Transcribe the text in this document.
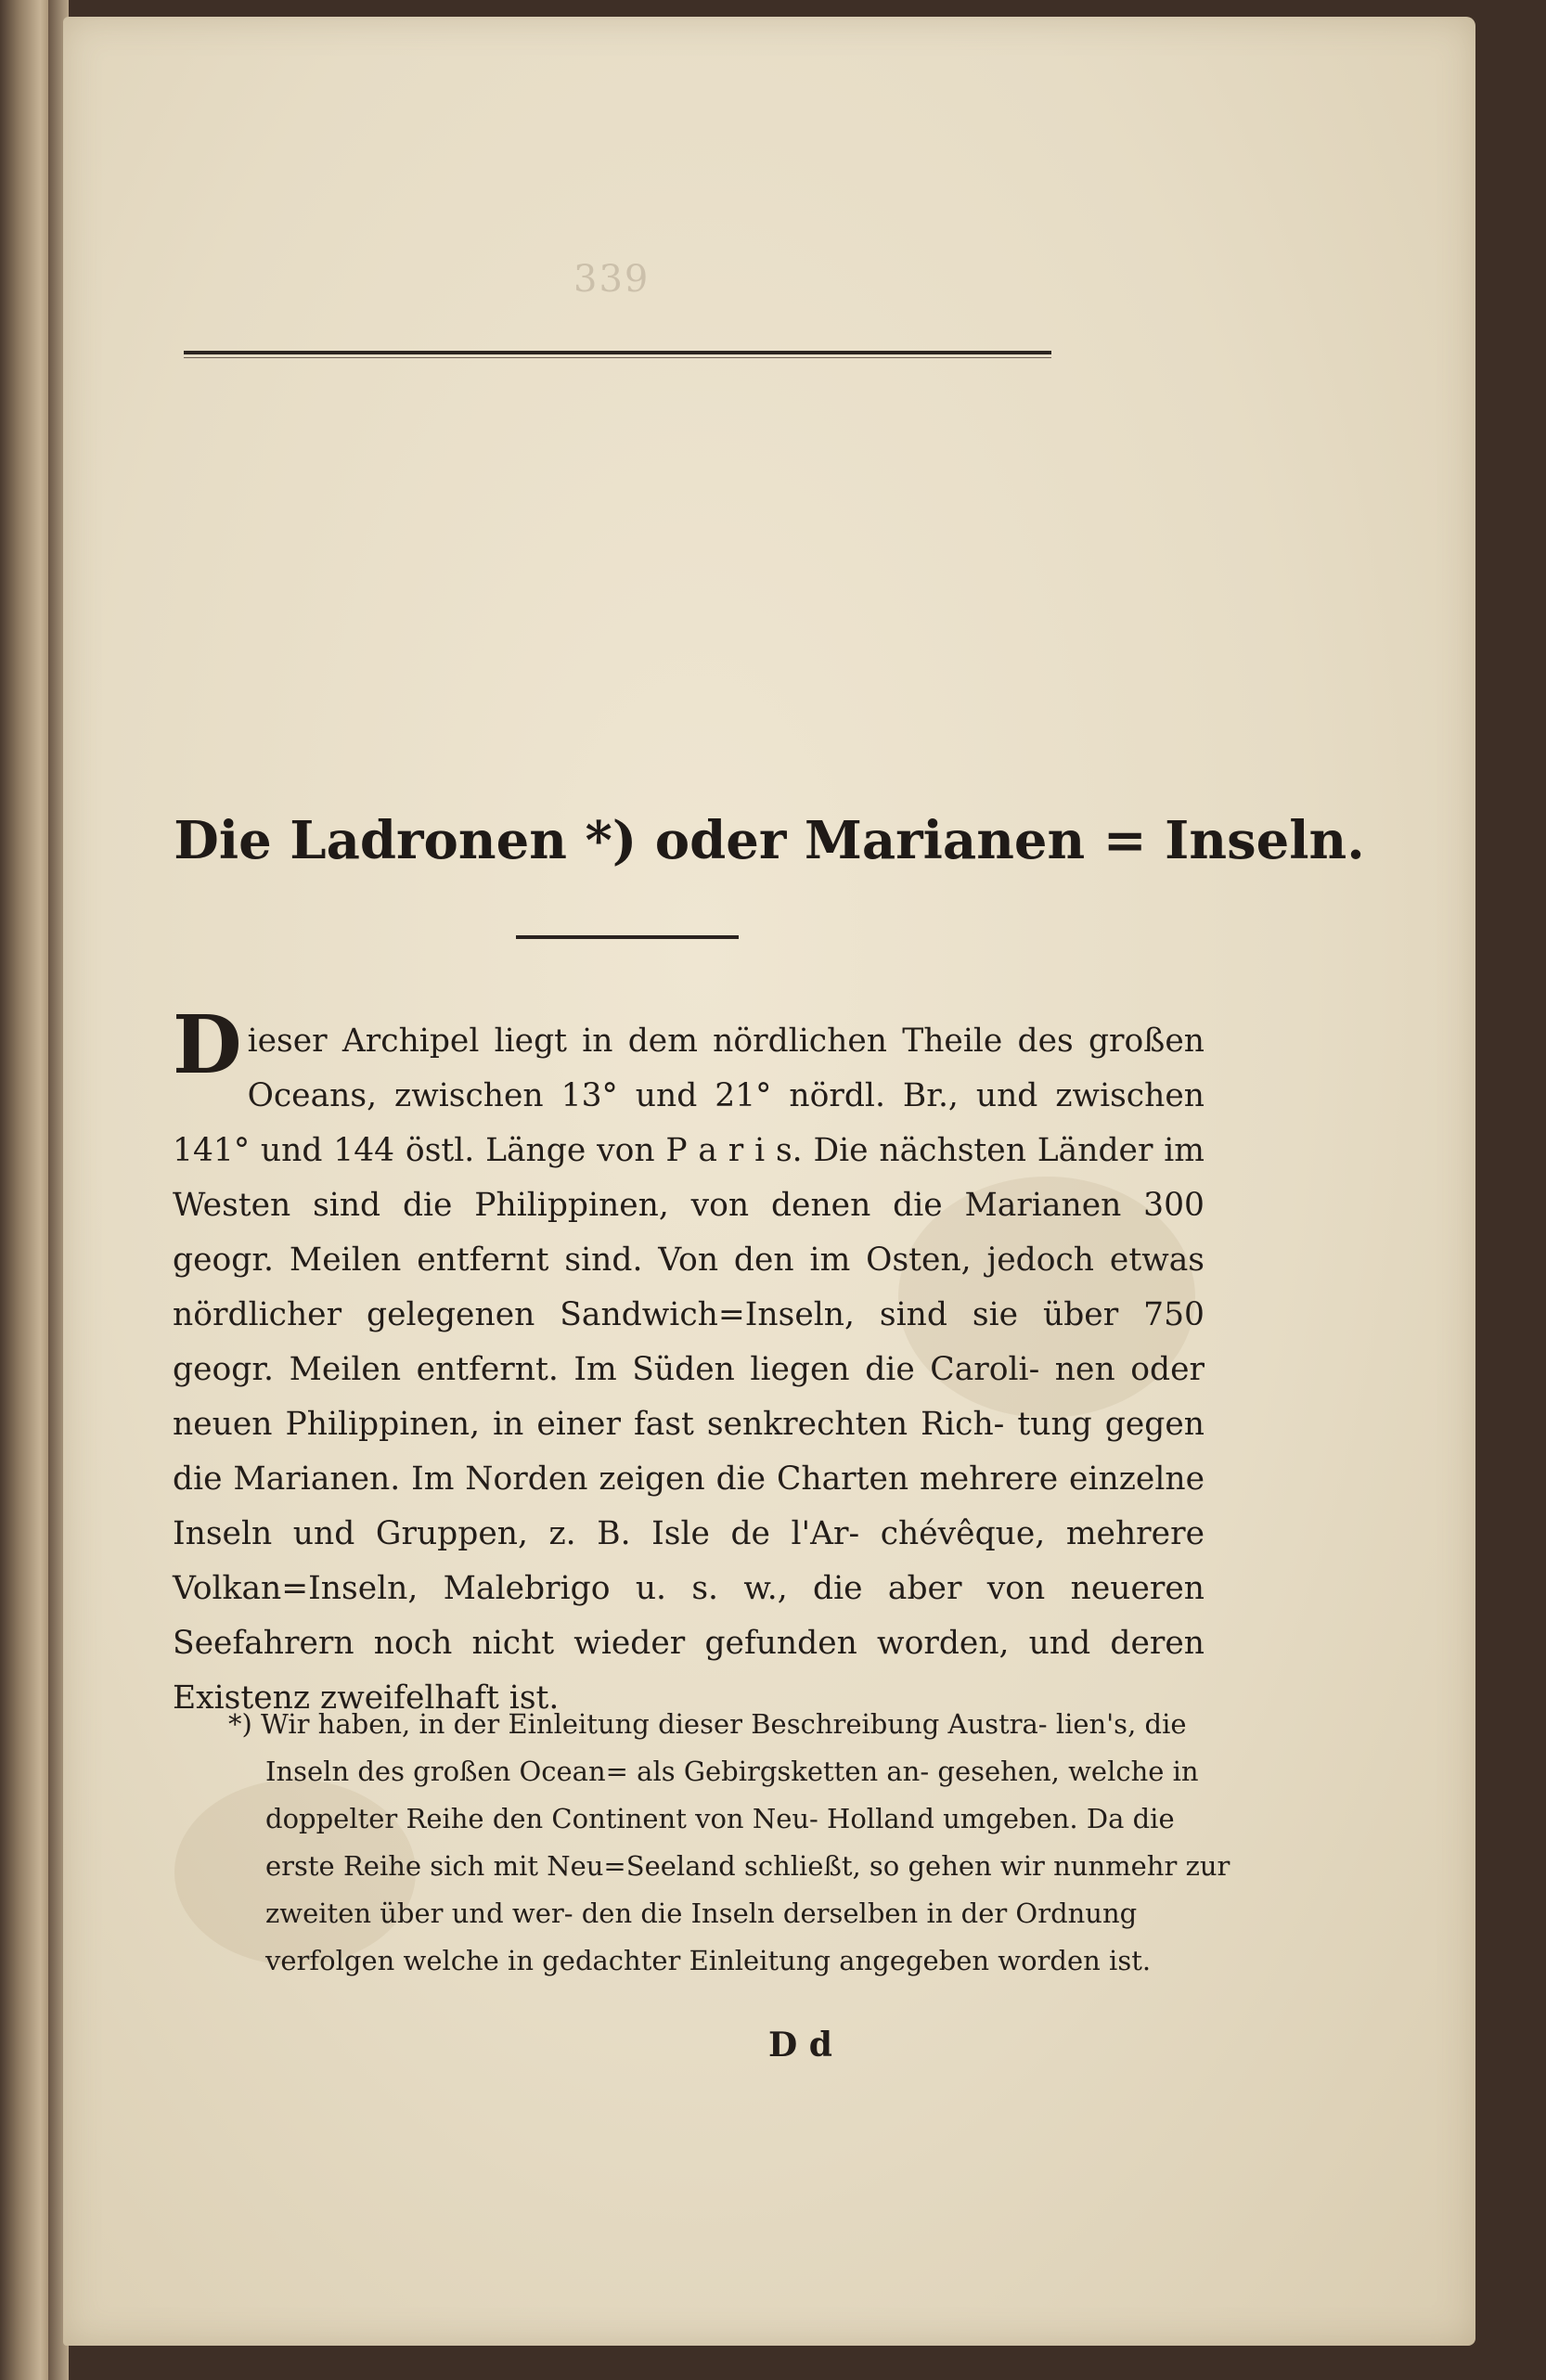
339
Die Ladronen *) oder Marianen = Inseln.
Dieser Archipel liegt in dem nördlichen Theile des großen Oceans, zwischen 13° und 21° nördl. Br., und zwischen 141° und 144 östl. Länge von P a r i s. Die nächsten Länder im Westen sind die Philippinen, von denen die Marianen 300 geogr. Meilen entfernt sind. Von den im Osten, jedoch etwas nördlicher gelegenen Sandwich=Inseln, sind sie über 750 geogr. Meilen entfernt. Im Süden liegen die Caroli- nen oder neuen Philippinen, in einer fast senkrechten Rich- tung gegen die Marianen. Im Norden zeigen die Charten mehrere einzelne Inseln und Gruppen, z. B. Isle de l'Ar- chévêque, mehrere Volkan=Inseln, Malebrigo u. s. w., die aber von neueren Seefahrern noch nicht wieder gefunden worden, und deren Existenz zweifelhaft ist.
*) Wir haben, in der Einleitung dieser Beschreibung Austra- lien's, die Inseln des großen Ocean= als Gebirgsketten an- gesehen, welche in doppelter Reihe den Continent von Neu- Holland umgeben. Da die erste Reihe sich mit Neu=Seeland schließt, so gehen wir nunmehr zur zweiten über und wer- den die Inseln derselben in der Ordnung verfolgen welche in gedachter Einleitung angegeben worden ist.
D d
